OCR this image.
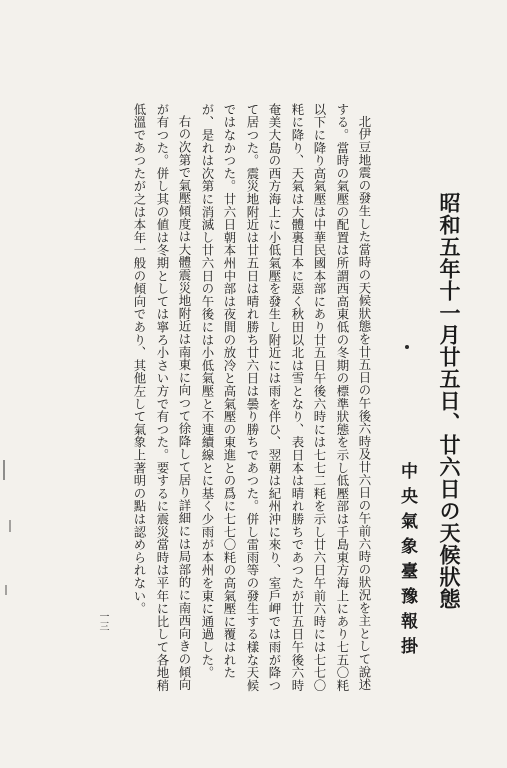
昭和五年十一月廿五日、廿六日の天候狀態
中央氣象臺豫報掛
北伊豆地震の發生した當時の天候狀態を廿五日の午後六時及廿六日の午前六時の狀況を主として說述
する。當時の氣壓の配置は所謂西高東低の冬期の標準狀態を示し低壓部は千島東方海上にあり七五〇粍
以下に降り高氣壓は中華民國本部にあり廿五日午後六時には七七二粍を示し廿六日午前六時には七七〇
粍に降り、天氣は大體裏日本に惡く秋田以北は雪となり、表日本は晴れ勝ちであつたが廿五日午後六時
奄美大島の西方海上に小低氣壓を發生し附近には雨を伴ひ、翌朝は紀州沖に來り、室戶岬では雨が降つ
て居つた。震災地附近は廿五日は晴れ勝ち廿六日は曇り勝ちであつた。併し雷雨等の發生する樣な天候
ではなかつた。廿六日朝本州中部は夜間の放冷と高氣壓の東進との爲に七七〇粍の高氣壓に覆はれた
が、是れは次第に消滅し廿六日の午後には小低氣壓と不連續線とに基く少雨が本州を東に通過した。
右の次第で氣壓傾度は大體震災地附近は南東に向つて徐降して居り詳細には局部的に南西向きの傾向
が有つた。併し其の値は冬期としては寧ろ小さい方で有つた。要するに震災當時は平年に比して各地稍
低溫であつたが之は本年一般の傾向であり、其他左して氣象上著明の點は認められない。
一三
